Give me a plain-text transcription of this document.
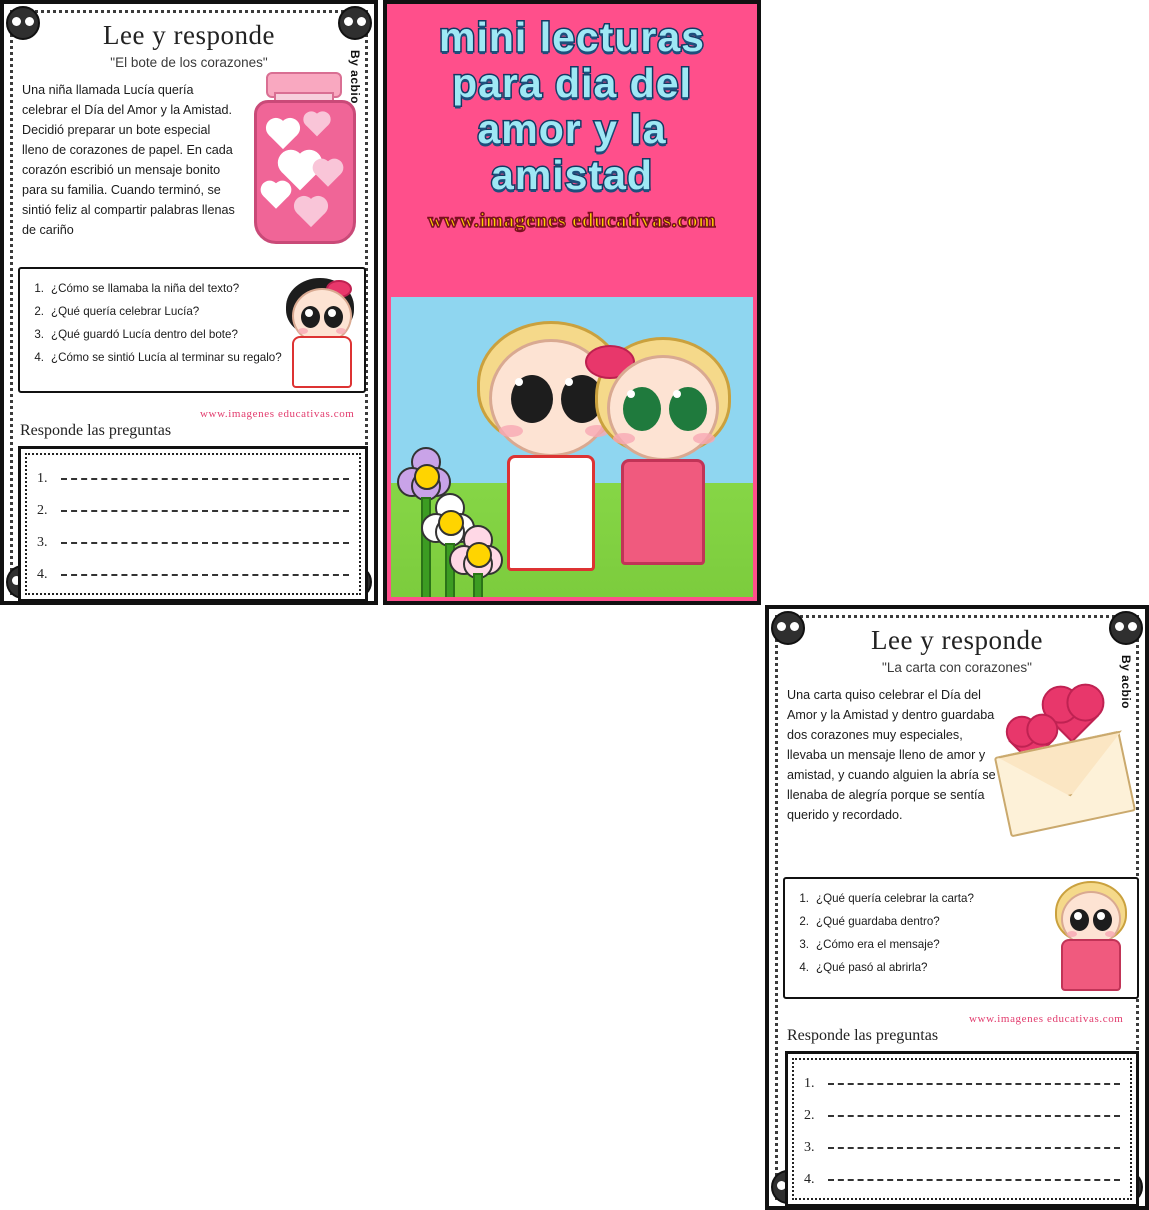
Lee y responde
"El bote de los corazones"	By acbio

Una niña llamada Lucía quería celebrar el Día del Amor y la Amistad. Decidió preparar un bote especial lleno de corazones de papel. En cada corazón escribió un mensaje bonito para su familia. Cuando terminó, se sintió feliz al compartir palabras llenas de cariño

1. ¿Cómo se llamaba la niña del texto?
2. ¿Qué quería celebrar Lucía?
3. ¿Qué guardó Lucía dentro del bote?
4. ¿Cómo se sintió Lucía al terminar su regalo?
www.imagenes educativas.com
Responde las preguntas
1.
2.
3.
4.
mini lecturas
para dia del
amor y la
amistad
www.imagenes educativas.com
Lee y responde
"La carta con corazones"	By acbio

Una carta quiso celebrar el Día del Amor y la Amistad y dentro guardaba dos corazones muy especiales, llevaba un mensaje lleno de amor y amistad, y cuando alguien la abría se llenaba de alegría porque se sentía querido y recordado.

1. ¿Qué quería celebrar la carta?
2. ¿Qué guardaba dentro?
3. ¿Cómo era el mensaje?
4. ¿Qué pasó al abrirla?
www.imagenes educativas.com
Responde las preguntas
1.
2.
3.
4.
